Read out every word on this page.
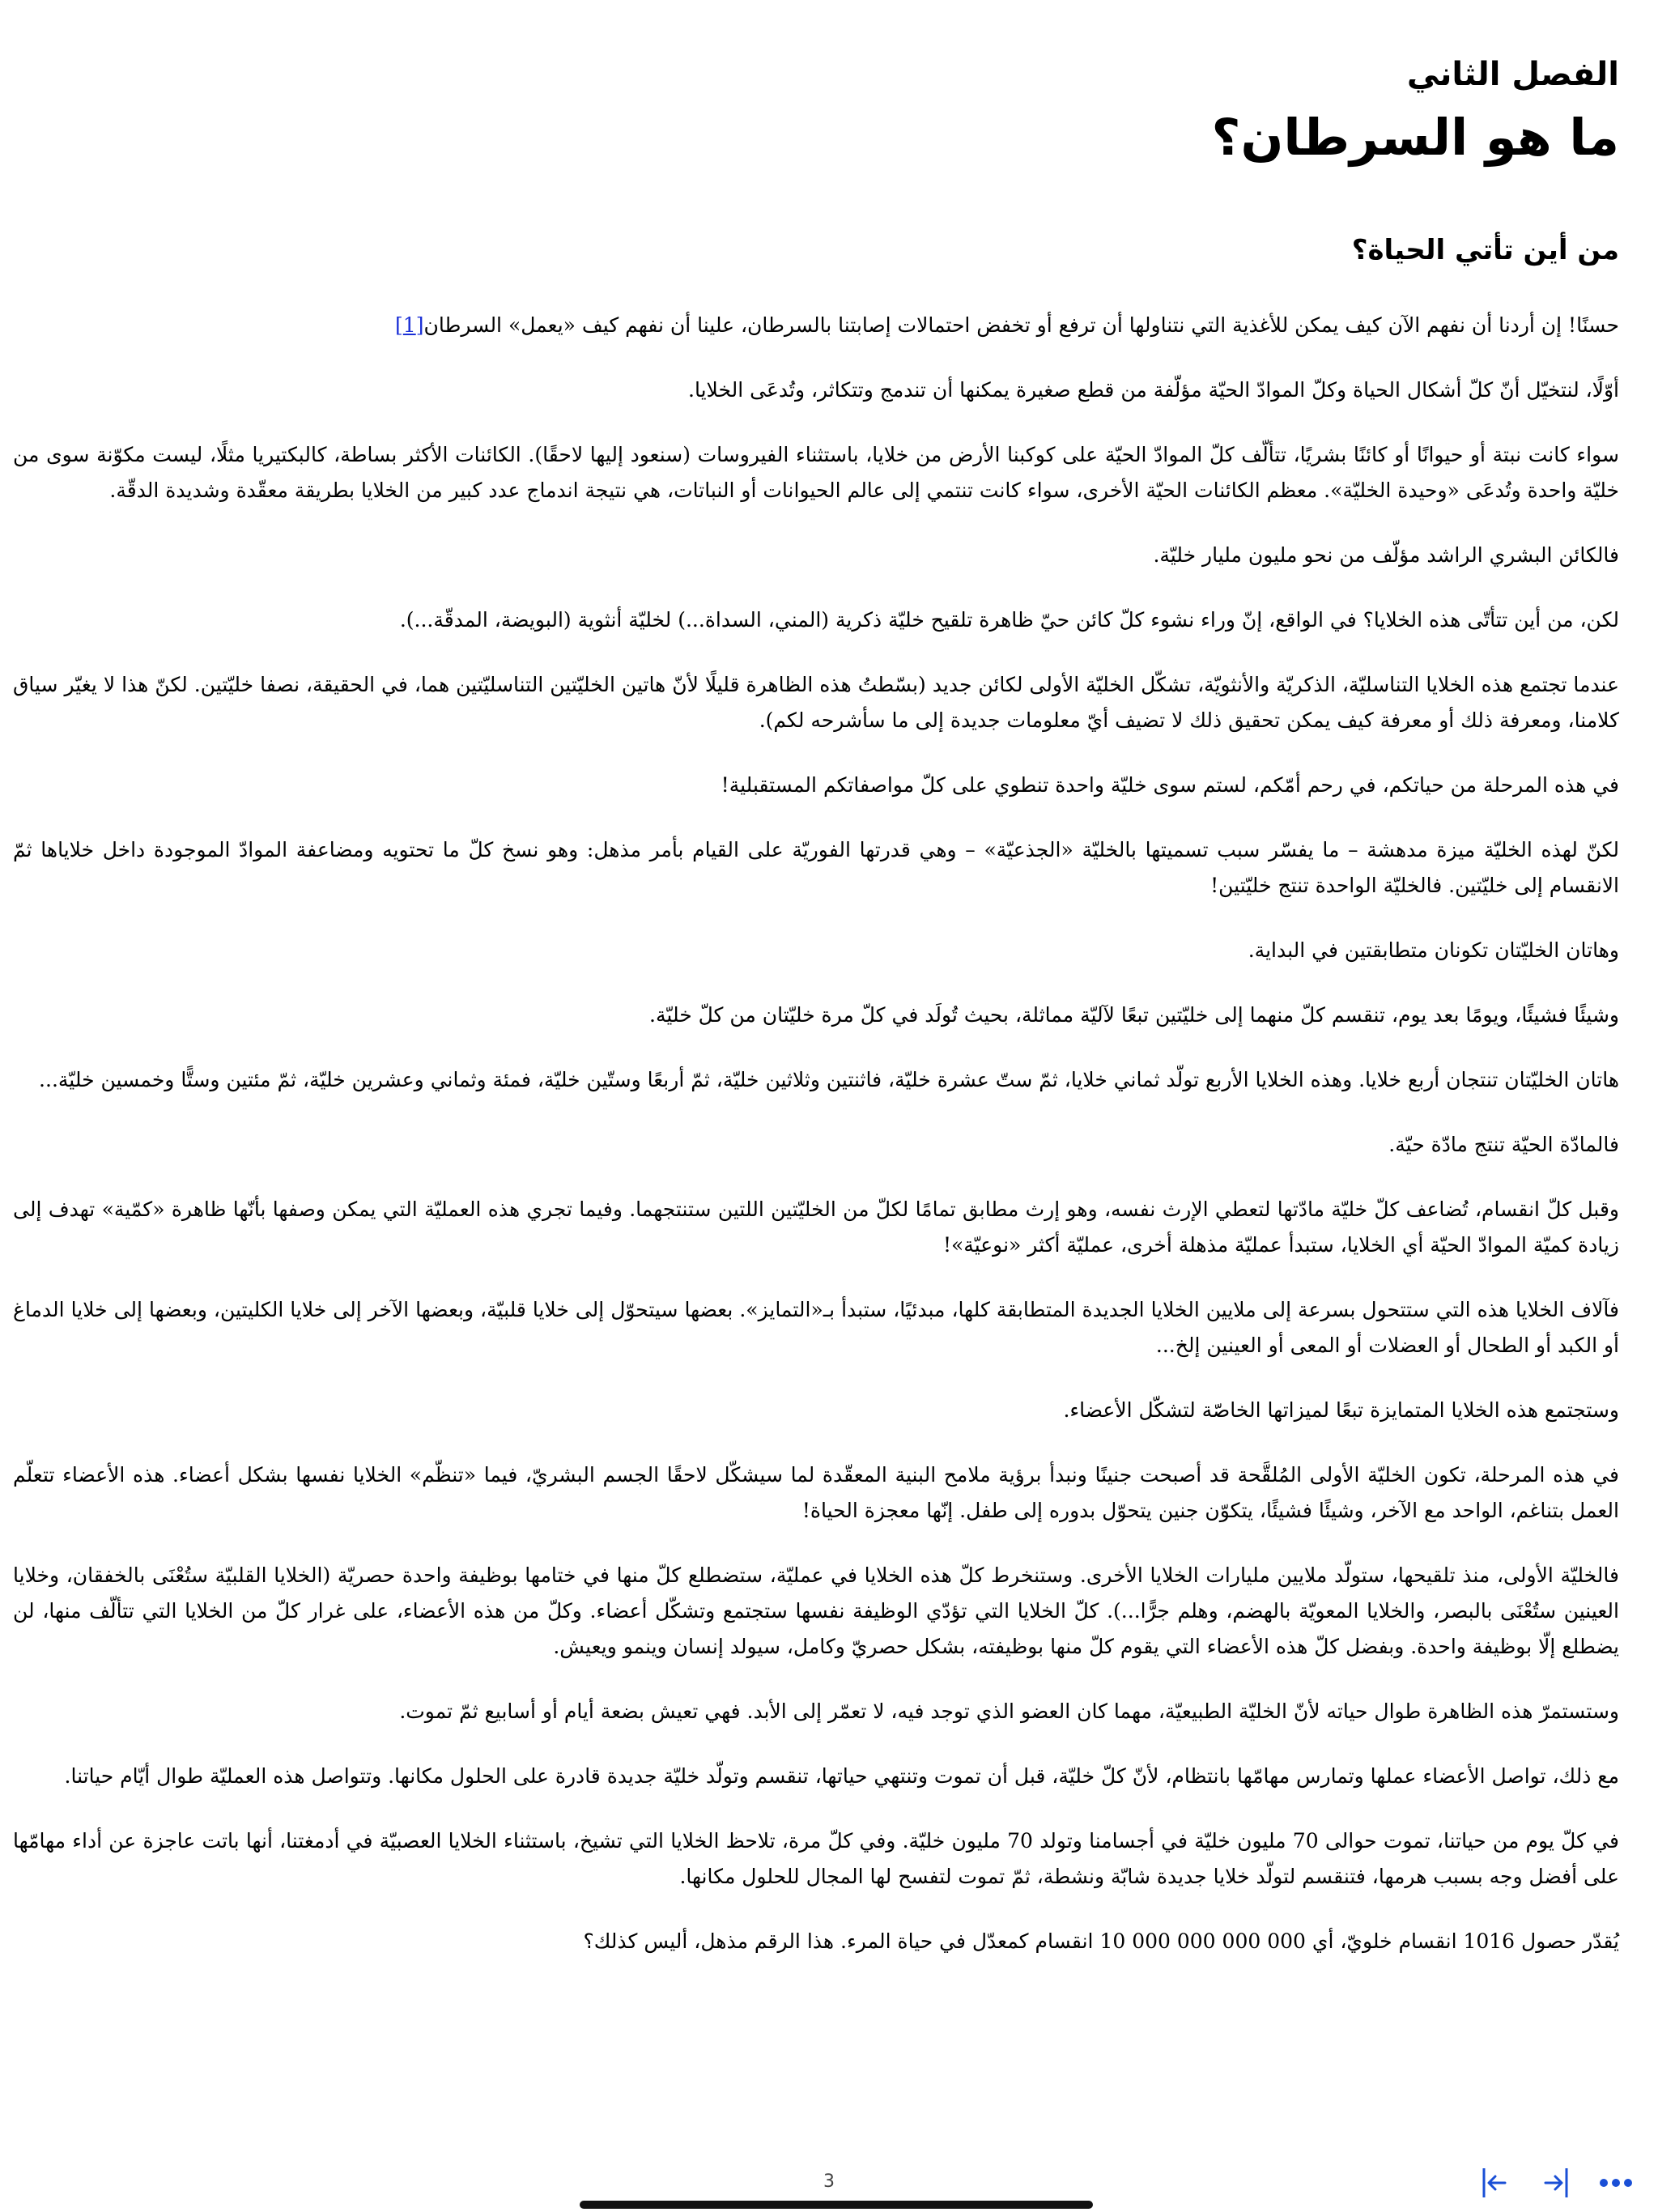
الفصل الثاني
ما هو السرطان؟
من أين تأتي الحياة؟

حسنًا! إن أردنا أن نفهم الآن كيف يمكن للأغذية التي نتناولها أن ترفع أو تخفض احتمالات إصابتنا بالسرطان، علينا أن نفهم كيف «يعمل» السرطان[1]

أوّلًا، لنتخيّل أنّ كلّ أشكال الحياة وكلّ الموادّ الحيّة مؤلّفة من قطع صغيرة يمكنها أن تندمج وتتكاثر، وتُدعَى الخلايا.

سواء كانت نبتة أو حيوانًا أو كائنًا بشريًا، تتألّف كلّ الموادّ الحيّة على كوكبنا الأرض من خلايا، باستثناء الفيروسات (سنعود إليها لاحقًا). الكائنات الأكثر بساطة، كالبكتيريا مثلًا، ليست مكوّنة سوى من خليّة واحدة وتُدعَى «وحيدة الخليّة». معظم الكائنات الحيّة الأخرى، سواء كانت تنتمي إلى عالم الحيوانات أو النباتات، هي نتيجة اندماج عدد كبير من الخلايا بطريقة معقّدة وشديدة الدقّة.

فالكائن البشري الراشد مؤلّف من نحو مليون مليار خليّة.

لكن، من أين تتأتّى هذه الخلايا؟ في الواقع، إنّ وراء نشوء كلّ كائن حيّ ظاهرة تلقيح خليّة ذكرية (المني، السداة...) لخليّة أنثوية (البويضة، المدقّة...).

عندما تجتمع هذه الخلايا التناسليّة، الذكريّة والأنثويّة، تشكّل الخليّة الأولى لكائن جديد (بسّطتُ هذه الظاهرة قليلًا لأنّ هاتين الخليّتين التناسليّتين هما، في الحقيقة، نصفا خليّتين. لكنّ هذا لا يغيّر سياق كلامنا، ومعرفة ذلك أو معرفة كيف يمكن تحقيق ذلك لا تضيف أيّ معلومات جديدة إلى ما سأشرحه لكم).

في هذه المرحلة من حياتكم، في رحم أمّكم، لستم سوى خليّة واحدة تنطوي على كلّ مواصفاتكم المستقبلية!

لكنّ لهذه الخليّة ميزة مدهشة – ما يفسّر سبب تسميتها بالخليّة «الجذعيّة» – وهي قدرتها الفوريّة على القيام بأمر مذهل: وهو نسخ كلّ ما تحتويه ومضاعفة الموادّ الموجودة داخل خلاياها ثمّ الانقسام إلى خليّتين. فالخليّة الواحدة تنتج خليّتين!

وهاتان الخليّتان تكونان متطابقتين في البداية.

وشيئًا فشيئًا، ويومًا بعد يوم، تنقسم كلّ منهما إلى خليّتين تبعًا لآليّة مماثلة، بحيث تُولَد في كلّ مرة خليّتان من كلّ خليّة.

هاتان الخليّتان تنتجان أربع خلايا. وهذه الخلايا الأربع تولّد ثماني خلايا، ثمّ ستّ عشرة خليّة، فاثنتين وثلاثين خليّة، ثمّ أربعًا وستّين خليّة، فمئة وثماني وعشرين خليّة، ثمّ مئتين وستًّا وخمسين خليّة...

فالمادّة الحيّة تنتج مادّة حيّة.

وقبل كلّ انقسام، تُضاعف كلّ خليّة مادّتها لتعطي الإرث نفسه، وهو إرث مطابق تمامًا لكلّ من الخليّتين اللتين ستنتجهما. وفيما تجري هذه العمليّة التي يمكن وصفها بأنّها ظاهرة «كمّية» تهدف إلى زيادة كميّة الموادّ الحيّة أي الخلايا، ستبدأ عمليّة مذهلة أخرى، عمليّة أكثر «نوعيّة»!

فآلاف الخلايا هذه التي ستتحول بسرعة إلى ملايين الخلايا الجديدة المتطابقة كلها، مبدئيًا، ستبدأ بـ«التمايز». بعضها سيتحوّل إلى خلايا قلبيّة، وبعضها الآخر إلى خلايا الكليتين، وبعضها إلى خلايا الدماغ أو الكبد أو الطحال أو العضلات أو المعى أو العينين إلخ...

وستجتمع هذه الخلايا المتمايزة تبعًا لميزاتها الخاصّة لتشكّل الأعضاء.

في هذه المرحلة، تكون الخليّة الأولى المُلقَّحة قد أصبحت جنينًا ونبدأ برؤية ملامح البنية المعقّدة لما سيشكّل لاحقًا الجسم البشريّ، فيما «تنظّم» الخلايا نفسها بشكل أعضاء. هذه الأعضاء تتعلّم العمل بتناغم، الواحد مع الآخر، وشيئًا فشيئًا، يتكوّن جنين يتحوّل بدوره إلى طفل. إنّها معجزة الحياة!

فالخليّة الأولى، منذ تلقيحها، ستولّد ملايين مليارات الخلايا الأخرى. وستنخرط كلّ هذه الخلايا في عمليّة، ستضطلع كلّ منها في ختامها بوظيفة واحدة حصريّة (الخلايا القلبيّة ستُعْنَى بالخفقان، وخلايا العينين ستُعْنَى بالبصر، والخلايا المعويّة بالهضم، وهلم جرًّا...). كلّ الخلايا التي تؤدّي الوظيفة نفسها ستجتمع وتشكّل أعضاء. وكلّ من هذه الأعضاء، على غرار كلّ من الخلايا التي تتألّف منها، لن يضطلع إلّا بوظيفة واحدة. وبفضل كلّ هذه الأعضاء التي يقوم كلّ منها بوظيفته، بشكل حصريّ وكامل، سيولد إنسان وينمو ويعيش.

وستستمرّ هذه الظاهرة طوال حياته لأنّ الخليّة الطبيعيّة، مهما كان العضو الذي توجد فيه، لا تعمّر إلى الأبد. فهي تعيش بضعة أيام أو أسابيع ثمّ تموت.

مع ذلك، تواصل الأعضاء عملها وتمارس مهامّها بانتظام، لأنّ كلّ خليّة، قبل أن تموت وتنتهي حياتها، تنقسم وتولّد خليّة جديدة قادرة على الحلول مكانها. وتتواصل هذه العمليّة طوال أيّام حياتنا.

في كلّ يوم من حياتنا، تموت حوالى 70 مليون خليّة في أجسامنا وتولد 70 مليون خليّة. وفي كلّ مرة، تلاحظ الخلايا التي تشيخ، باستثناء الخلايا العصبيّة في أدمغتنا، أنها باتت عاجزة عن أداء مهامّها على أفضل وجه بسبب هرمها، فتنقسم لتولّد خلايا جديدة شابّة ونشطة، ثمّ تموت لتفسح لها المجال للحلول مكانها.

يُقدّر حصول 1016 انقسام خلويّ، أي 000 000 000 000 10 انقسام كمعدّل في حياة المرء. هذا الرقم مذهل، أليس كذلك؟

3
